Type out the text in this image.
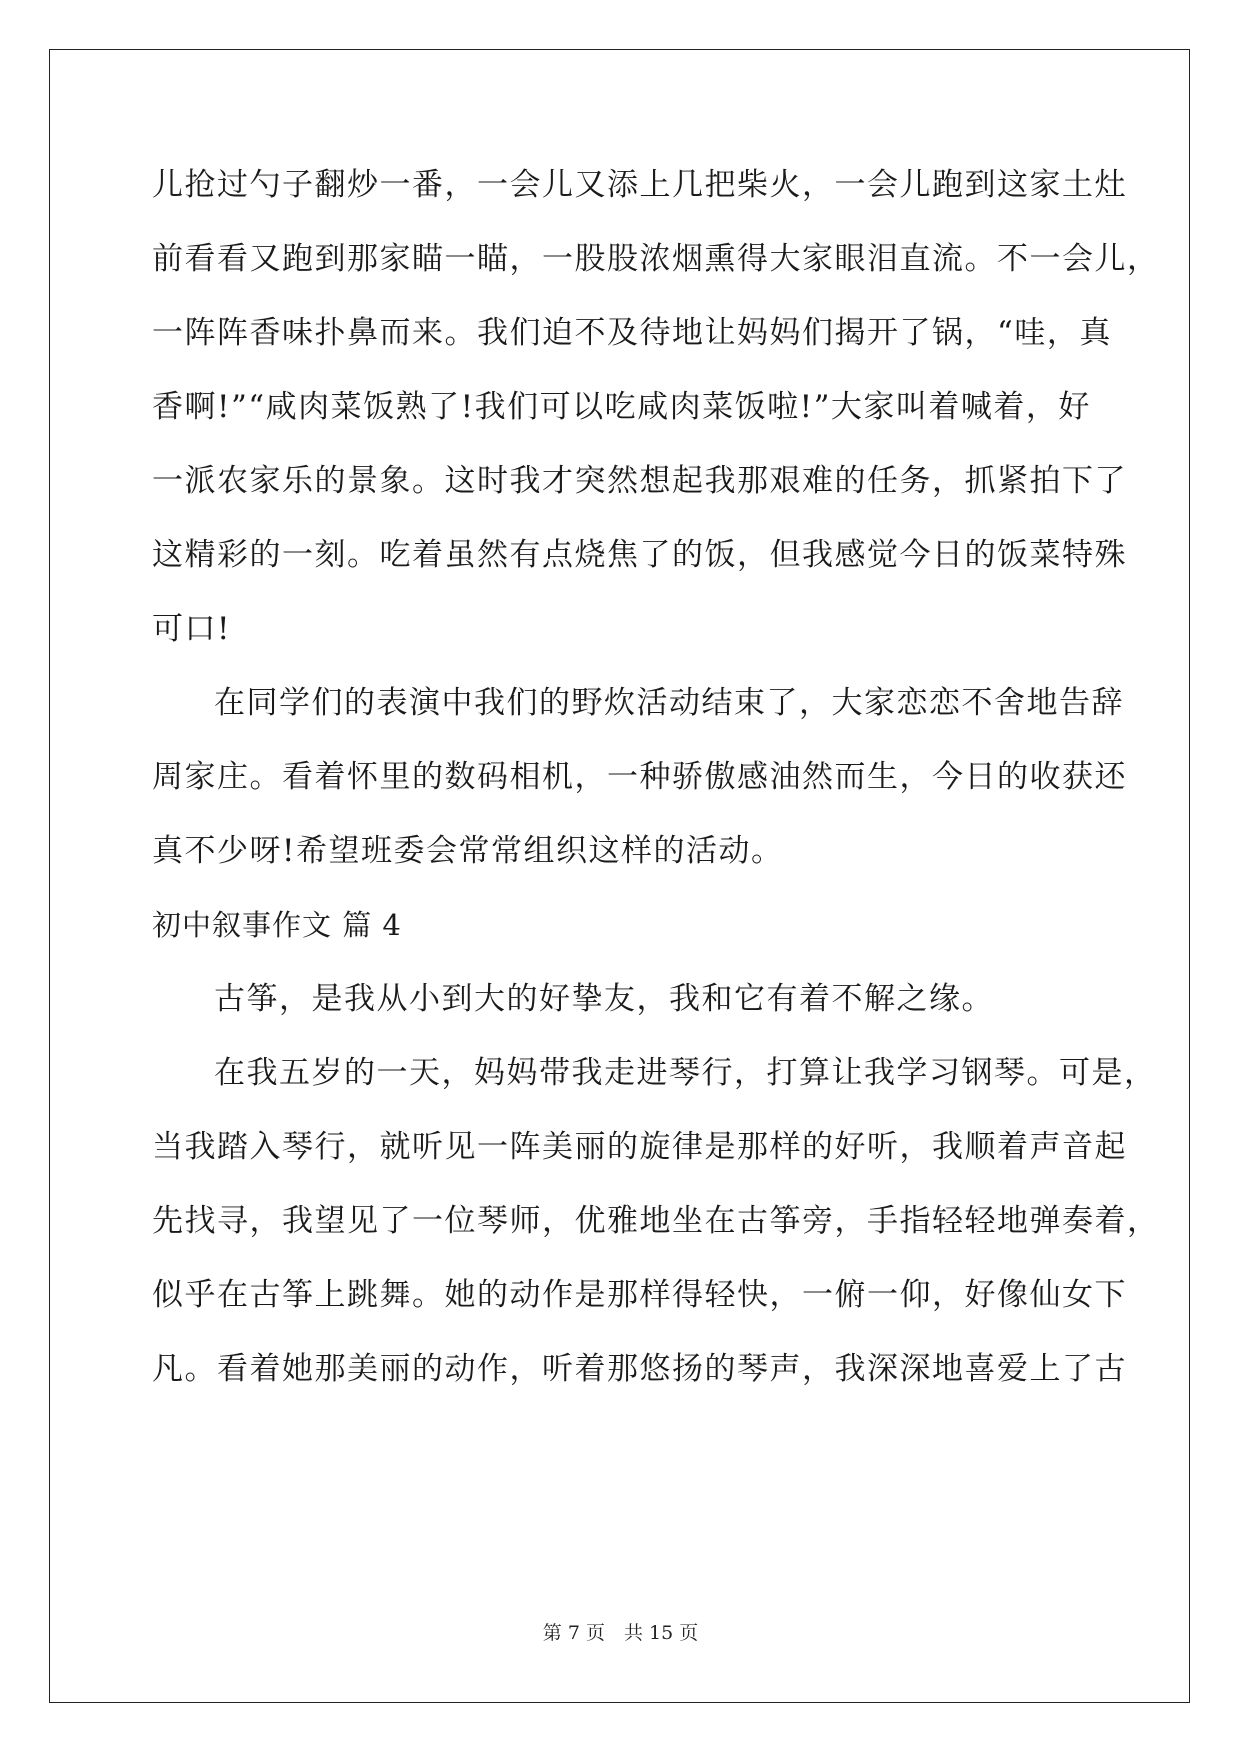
儿抢过勺子翻炒一番，一会儿又添上几把柴火，一会儿跑到这家土灶
前看看又跑到那家瞄一瞄，一股股浓烟熏得大家眼泪直流。不一会儿，
一阵阵香味扑鼻而来。我们迫不及待地让妈妈们揭开了锅，“哇，真
香啊!”“咸肉菜饭熟了!我们可以吃咸肉菜饭啦!”大家叫着喊着，好
一派农家乐的景象。这时我才突然想起我那艰难的任务，抓紧拍下了
这精彩的一刻。吃着虽然有点烧焦了的饭，但我感觉今日的饭菜特殊
可口!
在同学们的表演中我们的野炊活动结束了，大家恋恋不舍地告辞
周家庄。看着怀里的数码相机，一种骄傲感油然而生，今日的收获还
真不少呀!希望班委会常常组织这样的活动。
初中叙事作文 篇 4
古筝，是我从小到大的好挚友，我和它有着不解之缘。
在我五岁的一天，妈妈带我走进琴行，打算让我学习钢琴。可是，
当我踏入琴行，就听见一阵美丽的旋律是那样的好听，我顺着声音起
先找寻，我望见了一位琴师，优雅地坐在古筝旁，手指轻轻地弹奏着，
似乎在古筝上跳舞。她的动作是那样得轻快，一俯一仰，好像仙女下
凡。看着她那美丽的动作，听着那悠扬的琴声，我深深地喜爱上了古
第 7 页　共 15 页
